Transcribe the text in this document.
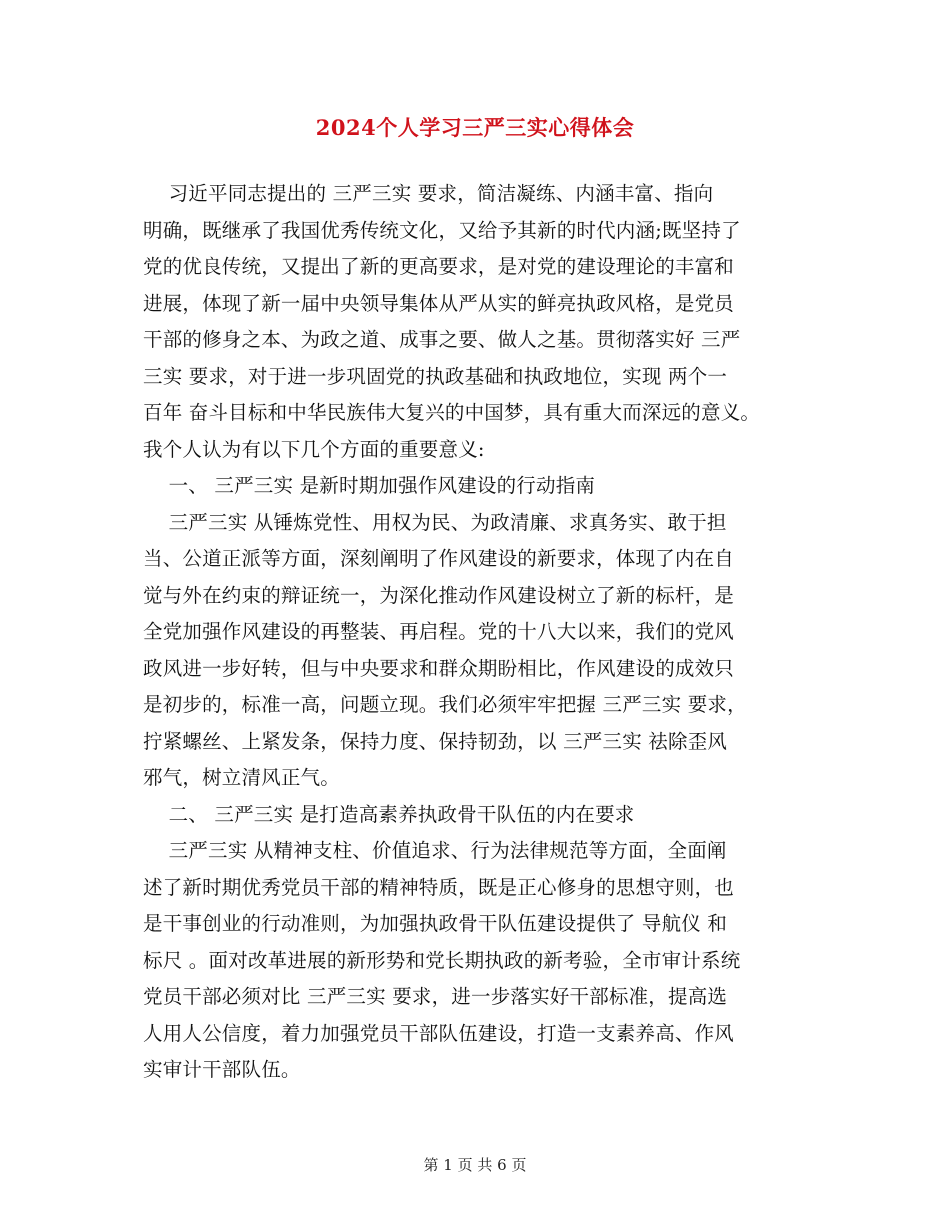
2024个人学习三严三实心得体会
习近平同志提出的 三严三实 要求，简洁凝练、内涵丰富、指向
明确，既继承了我国优秀传统文化，又给予其新的时代内涵;既坚持了
党的优良传统，又提出了新的更高要求，是对党的建设理论的丰富和
进展，体现了新一届中央领导集体从严从实的鲜亮执政风格，是党员
干部的修身之本、为政之道、成事之要、做人之基。贯彻落实好 三严
三实 要求，对于进一步巩固党的执政基础和执政地位，实现 两个一
百年 奋斗目标和中华民族伟大复兴的中国梦，具有重大而深远的意义。
我个人认为有以下几个方面的重要意义:
一、 三严三实 是新时期加强作风建设的行动指南
三严三实 从锤炼党性、用权为民、为政清廉、求真务实、敢于担
当、公道正派等方面，深刻阐明了作风建设的新要求，体现了内在自
觉与外在约束的辩证统一，为深化推动作风建设树立了新的标杆，是
全党加强作风建设的再整装、再启程。党的十八大以来，我们的党风
政风进一步好转，但与中央要求和群众期盼相比，作风建设的成效只
是初步的，标准一高，问题立现。我们必须牢牢把握 三严三实 要求，
拧紧螺丝、上紧发条，保持力度、保持韧劲，以 三严三实 祛除歪风
邪气，树立清风正气。
二、 三严三实 是打造高素养执政骨干队伍的内在要求
三严三实 从精神支柱、价值追求、行为法律规范等方面，全面阐
述了新时期优秀党员干部的精神特质，既是正心修身的思想守则，也
是干事创业的行动准则，为加强执政骨干队伍建设提供了 导航仪 和
标尺 。面对改革进展的新形势和党长期执政的新考验，全市审计系统
党员干部必须对比 三严三实 要求，进一步落实好干部标准，提高选
人用人公信度，着力加强党员干部队伍建设，打造一支素养高、作风
实审计干部队伍。
第 1 页 共 6 页
